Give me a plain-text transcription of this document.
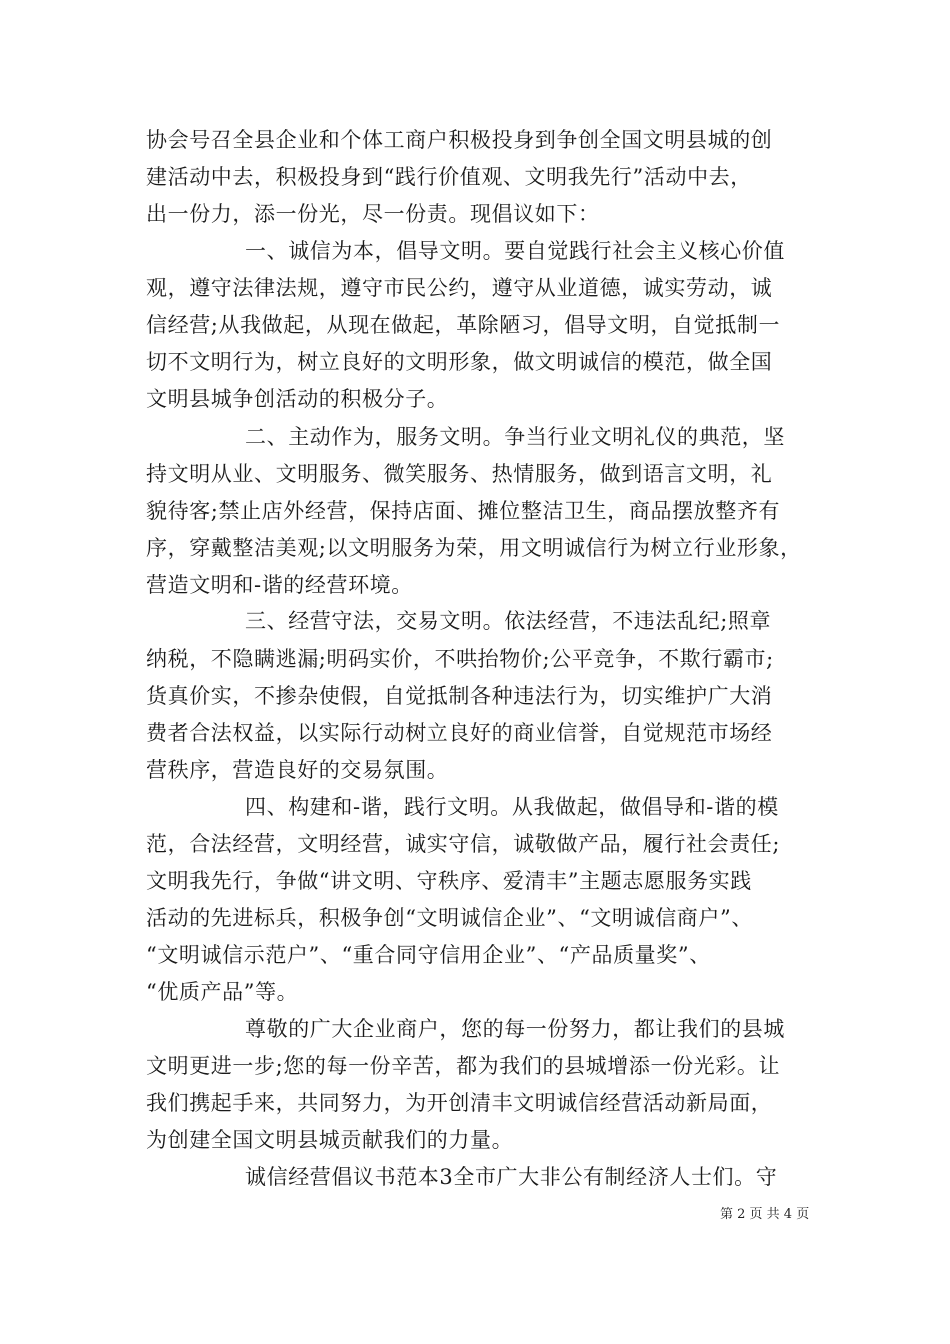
协会号召全县企业和个体工商户积极投身到争创全国文明县城的创
建活动中去，积极投身到“践行价值观、文明我先行”活动中去，
出一份力，添一份光，尽一份责。现倡议如下：
一、诚信为本，倡导文明。要自觉践行社会主义核心价值
观，遵守法律法规，遵守市民公约，遵守从业道德，诚实劳动，诚
信经营;从我做起，从现在做起，革除陋习，倡导文明，自觉抵制一
切不文明行为，树立良好的文明形象，做文明诚信的模范，做全国
文明县城争创活动的积极分子。
二、主动作为，服务文明。争当行业文明礼仪的典范，坚
持文明从业、文明服务、微笑服务、热情服务，做到语言文明，礼
貌待客;禁止店外经营，保持店面、摊位整洁卫生，商品摆放整齐有
序，穿戴整洁美观;以文明服务为荣，用文明诚信行为树立行业形象，
营造文明和-谐的经营环境。
三、经营守法，交易文明。依法经营，不违法乱纪;照章
纳税，不隐瞒逃漏;明码实价，不哄抬物价;公平竞争，不欺行霸市;
货真价实，不掺杂使假，自觉抵制各种违法行为，切实维护广大消
费者合法权益，以实际行动树立良好的商业信誉，自觉规范市场经
营秩序，营造良好的交易氛围。
四、构建和-谐，践行文明。从我做起，做倡导和-谐的模
范，合法经营，文明经营，诚实守信，诚敬做产品，履行社会责任;
文明我先行，争做“讲文明、守秩序、爱清丰”主题志愿服务实践
活动的先进标兵，积极争创“文明诚信企业”、“文明诚信商户”、
“文明诚信示范户”、“重合同守信用企业”、“产品质量奖”、
“优质产品”等。
尊敬的广大企业商户，您的每一份努力，都让我们的县城
文明更进一步;您的每一份辛苦，都为我们的县城增添一份光彩。让
我们携起手来，共同努力，为开创清丰文明诚信经营活动新局面，
为创建全国文明县城贡献我们的力量。
诚信经营倡议书范本3全市广大非公有制经济人士们。守
第 2 页 共 4 页
